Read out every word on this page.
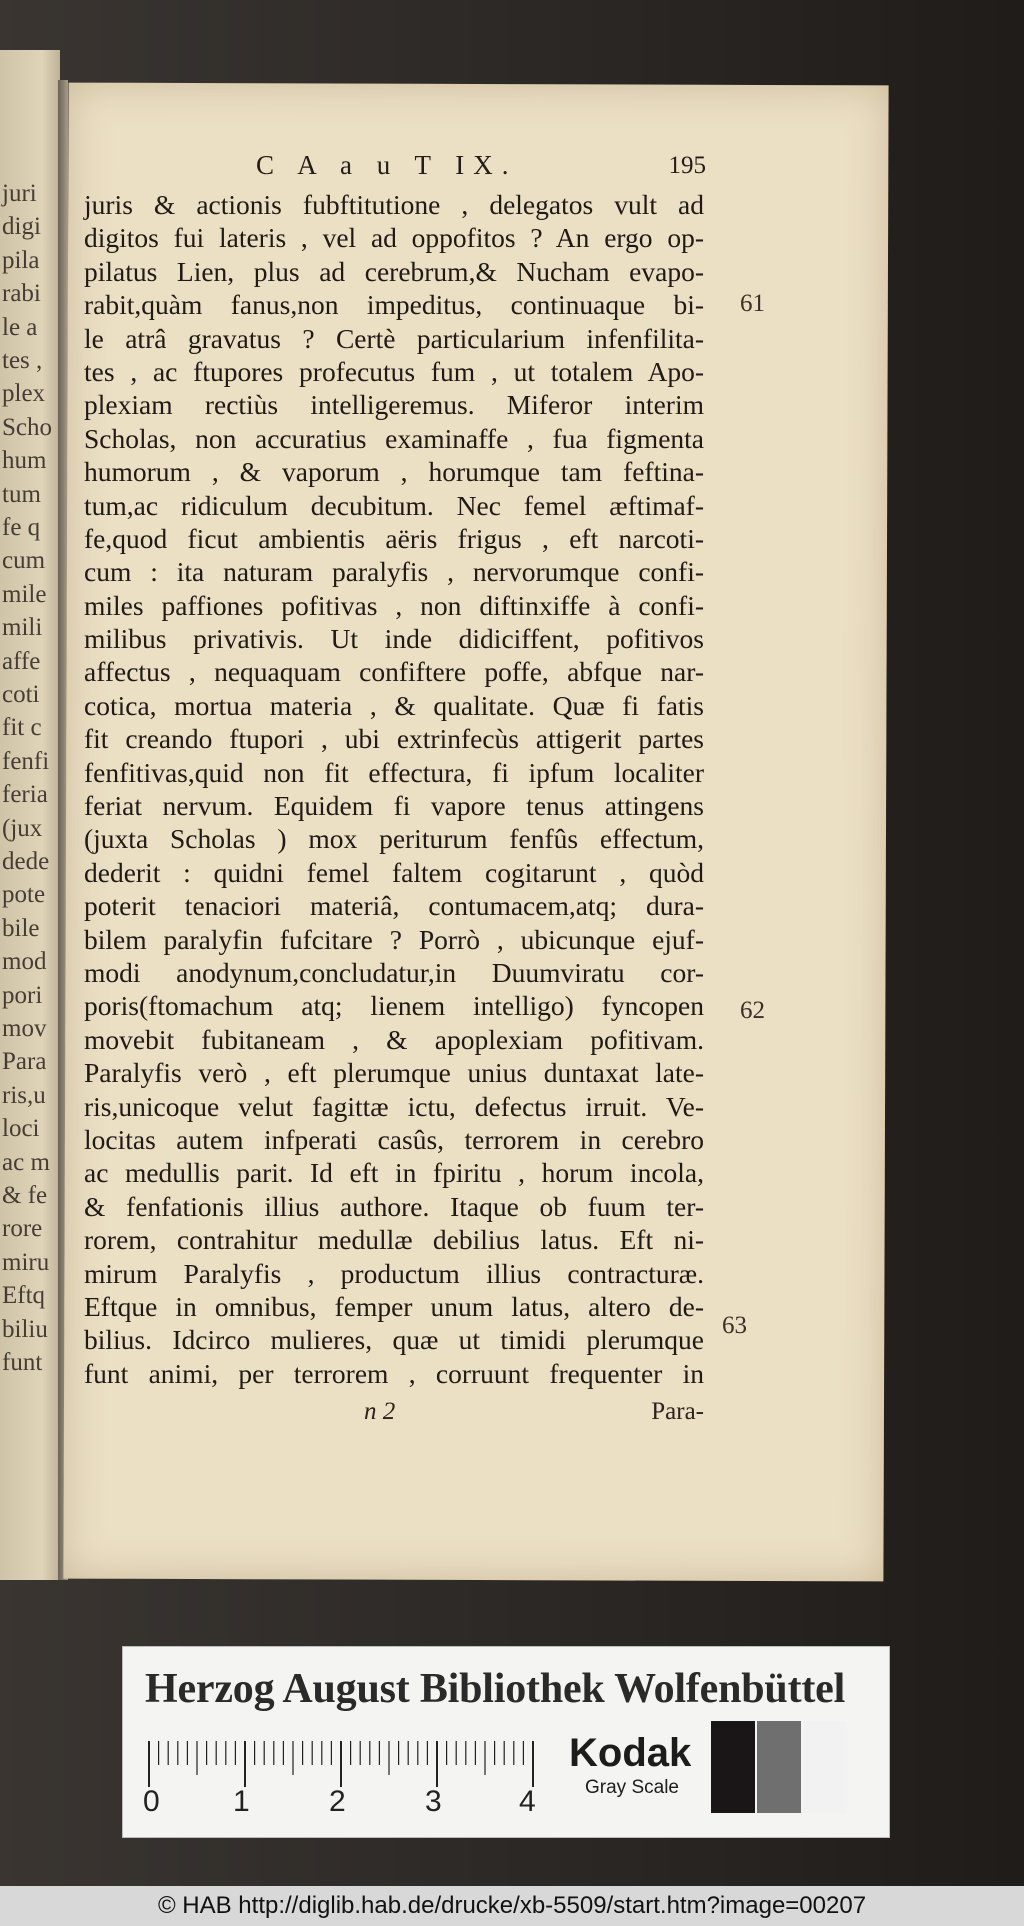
juri
digi
pila
rabi
le a
tes ,
plex
Scho
hum
tum
fe q
cum
mile
mili
affe
coti
fit c
fenfi
feria
(jux
dede
pote
bile
mod
pori
mov
Para
ris,u
loci
ac m
& fe
rore
miru
Eftq
biliu
funt
C A a u T IX.	195
juris & actionis fubftitutione , delegatos vult ad
digitos fui lateris , vel ad oppofitos ? An ergo op-
pilatus Lien, plus ad cerebrum,& Nucham evapo-
rabit,quàm fanus,non impeditus, continuaque bi-
le atrâ gravatus ? Certè particularium infenfilita-
tes , ac ftupores profecutus fum , ut totalem Apo-
plexiam rectiùs intelligeremus. Miferor interim
Scholas, non accuratius examinaffe , fua figmenta
humorum , & vaporum , horumque tam feftina-
tum,ac ridiculum decubitum. Nec femel æftimaf-
fe,quod ficut ambientis aëris frigus , eft narcoti-
cum : ita naturam paralyfis , nervorumque confi-
miles paffiones pofitivas , non diftinxiffe à confi-
milibus privativis. Ut inde didiciffent, pofitivos
affectus , nequaquam confiftere poffe, abfque nar-
cotica, mortua materia , & qualitate. Quæ fi fatis
fit creando ftupori , ubi extrinfecùs attigerit partes
fenfitivas,quid non fit effectura, fi ipfum localiter
feriat nervum. Equidem fi vapore tenus attingens
(juxta Scholas ) mox periturum fenfûs effectum,
dederit : quidni femel faltem cogitarunt , quòd
poterit tenaciori materiâ, contumacem,atq; dura-
bilem paralyfin fufcitare ? Porrò , ubicunque ejuf-
modi anodynum,concludatur,in Duumviratu cor-
poris(ftomachum atq; lienem intelligo) fyncopen
movebit fubitaneam , & apoplexiam pofitivam.
Paralyfis verò , eft plerumque unius duntaxat late-
ris,unicoque velut fagittæ ictu, defectus irruit. Ve-
locitas autem infperati casûs, terrorem in cerebro
ac medullis parit. Id eft in fpiritu , horum incola,
& fenfationis illius authore. Itaque ob fuum ter-
rorem, contrahitur medullæ debilius latus. Eft ni-
mirum Paralyfis , productum illius contracturæ.
Eftque in omnibus, femper unum latus, altero de-
bilius. Idcirco mulieres, quæ ut timidi plerumque
funt animi, per terrorem , corruunt frequenter in
61
62
63
n 2	Para-
Herzog August Bibliothek Wolfenbüttel
0 1	2	3	4
Kodak
Gray Scale
© HAB http://diglib.hab.de/drucke/xb-5509/start.htm?image=00207
